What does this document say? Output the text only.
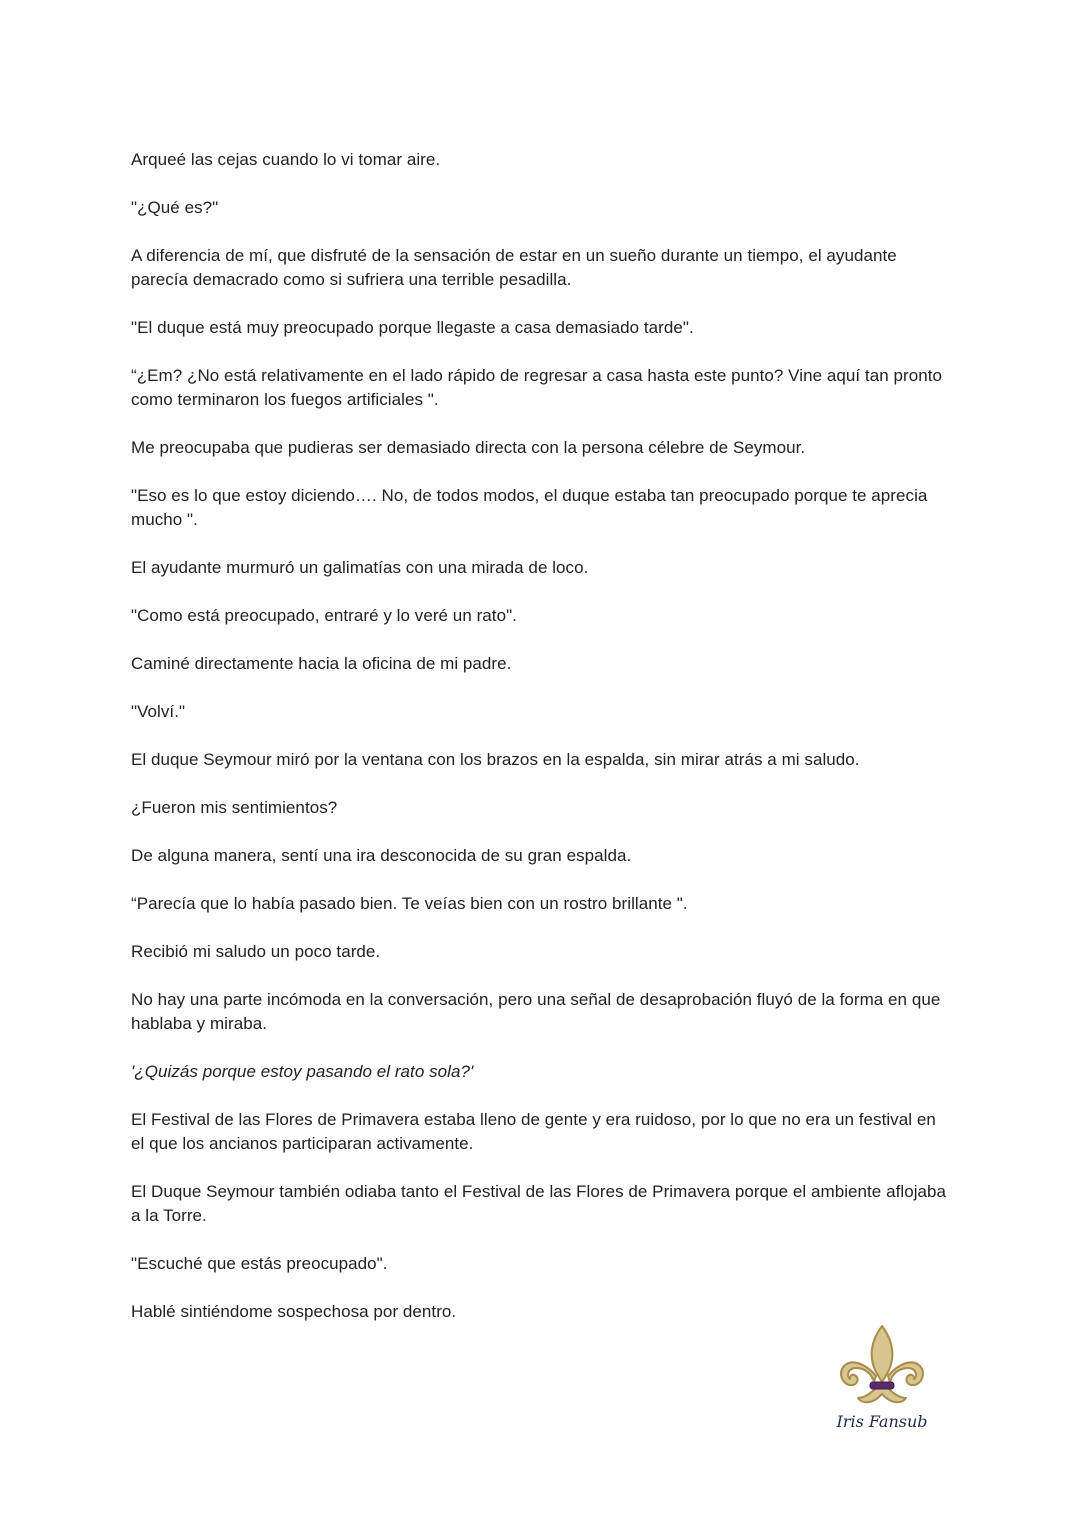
Arqueé las cejas cuando lo vi tomar aire.

"¿Qué es?"

A diferencia de mí, que disfruté de la sensación de estar en un sueño durante un tiempo, el ayudante parecía demacrado como si sufriera una terrible pesadilla.

"El duque está muy preocupado porque llegaste a casa demasiado tarde".

“¿Em? ¿No está relativamente en el lado rápido de regresar a casa hasta este punto? Vine aquí tan pronto como terminaron los fuegos artificiales ".

Me preocupaba que pudieras ser demasiado directa con la persona célebre de Seymour.

"Eso es lo que estoy diciendo…. No, de todos modos, el duque estaba tan preocupado porque te aprecia mucho ".

El ayudante murmuró un galimatías con una mirada de loco.

"Como está preocupado, entraré y lo veré un rato".

Caminé directamente hacia la oficina de mi padre.

"Volví."

El duque Seymour miró por la ventana con los brazos en la espalda, sin mirar atrás a mi saludo.

¿Fueron mis sentimientos?

De alguna manera, sentí una ira desconocida de su gran espalda.

“Parecía que lo había pasado bien. Te veías bien con un rostro brillante ".

Recibió mi saludo un poco tarde.

No hay una parte incómoda en la conversación, pero una señal de desaprobación fluyó de la forma en que hablaba y miraba.

'¿Quizás porque estoy pasando el rato sola?'

El Festival de las Flores de Primavera estaba lleno de gente y era ruidoso, por lo que no era un festival en el que los ancianos participaran activamente.

El Duque Seymour también odiaba tanto el Festival de las Flores de Primavera porque el ambiente aflojaba a la Torre.

"Escuché que estás preocupado".

Hablé sintiéndome sospechosa por dentro.

Iris Fansub
